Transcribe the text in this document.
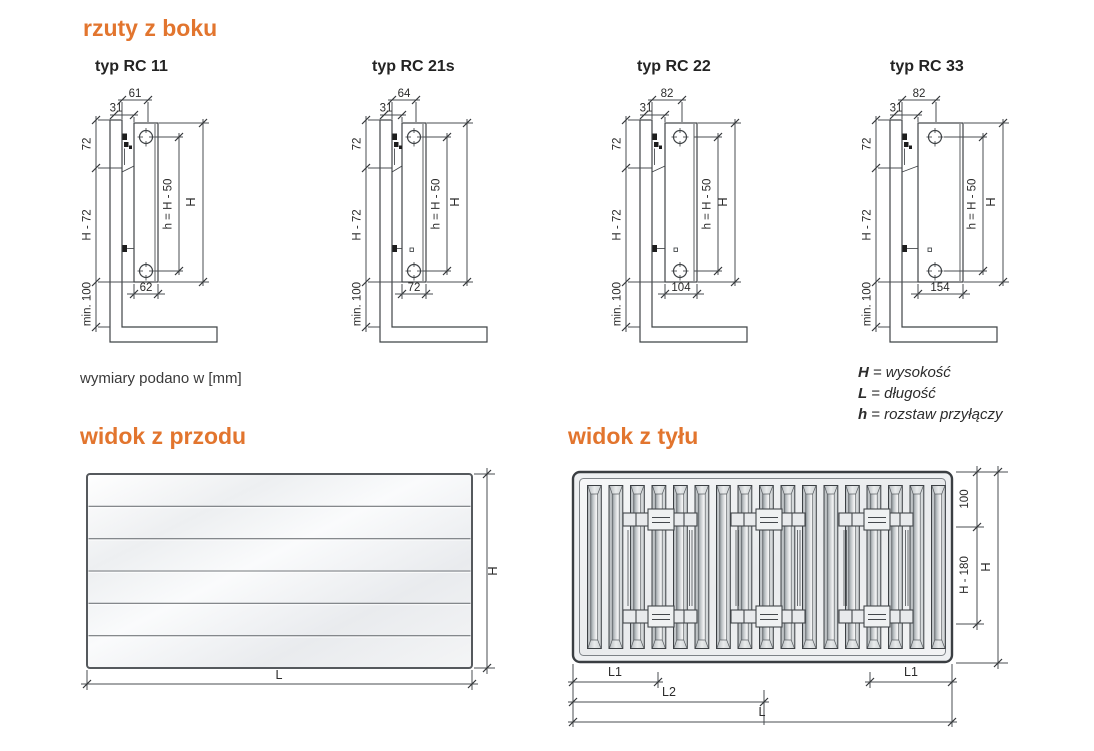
rzuty z boku
typ RC 11	typ RC 21s	typ RC 22	typ RC 33
61
31
72
H - 72
min. 100
h = H - 50 H
62
64
31
72
H - 72
min. 100
h = H - 50 H
72
82
31
72
H - 72
min. 100
h = H - 50 H
104
82
31
72
H - 72
min. 100
h = H - 50 H
154
wymiary podano w [mm]	H = wysokość
L = długość
h = rozstaw przyłączy
widok z przodu	widok z tyłu
H
L
100
H - 180 H
L1	L1
L2
L
